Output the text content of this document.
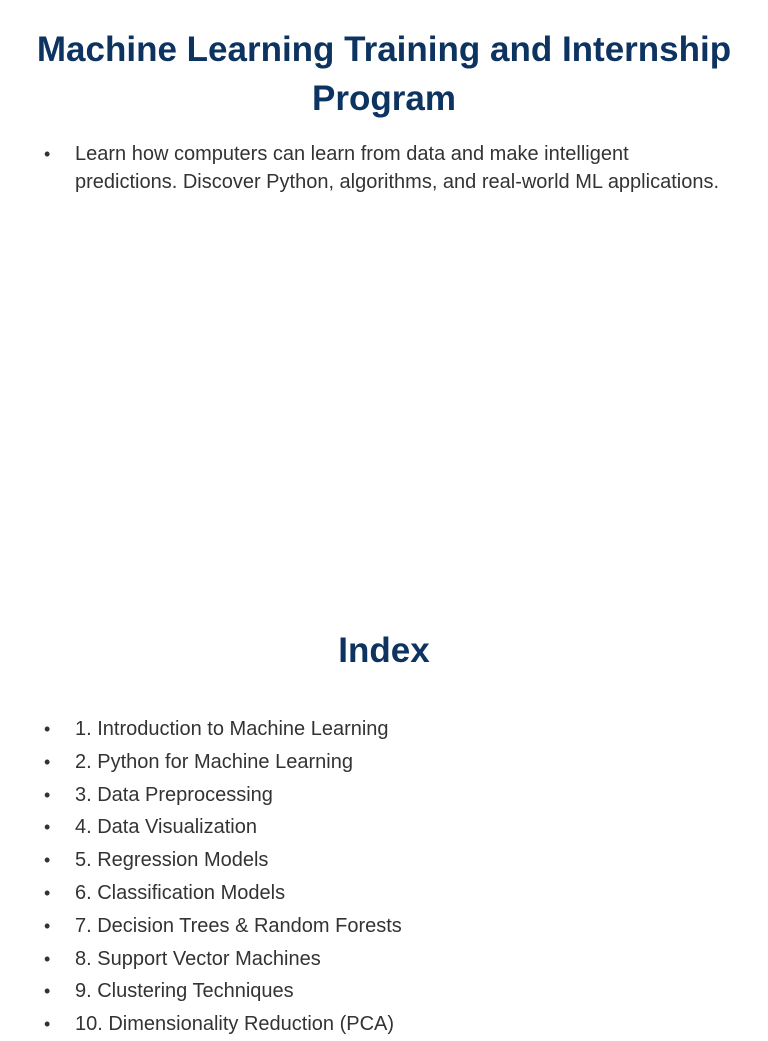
Machine Learning Training and Internship Program
• Learn how computers can learn from data and make intelligent predictions. Discover Python, algorithms, and real-world ML applications.
Index
• 1. Introduction to Machine Learning
• 2. Python for Machine Learning
• 3. Data Preprocessing
• 4. Data Visualization
• 5. Regression Models
• 6. Classification Models
• 7. Decision Trees & Random Forests
• 8. Support Vector Machines
• 9. Clustering Techniques
• 10. Dimensionality Reduction (PCA)
